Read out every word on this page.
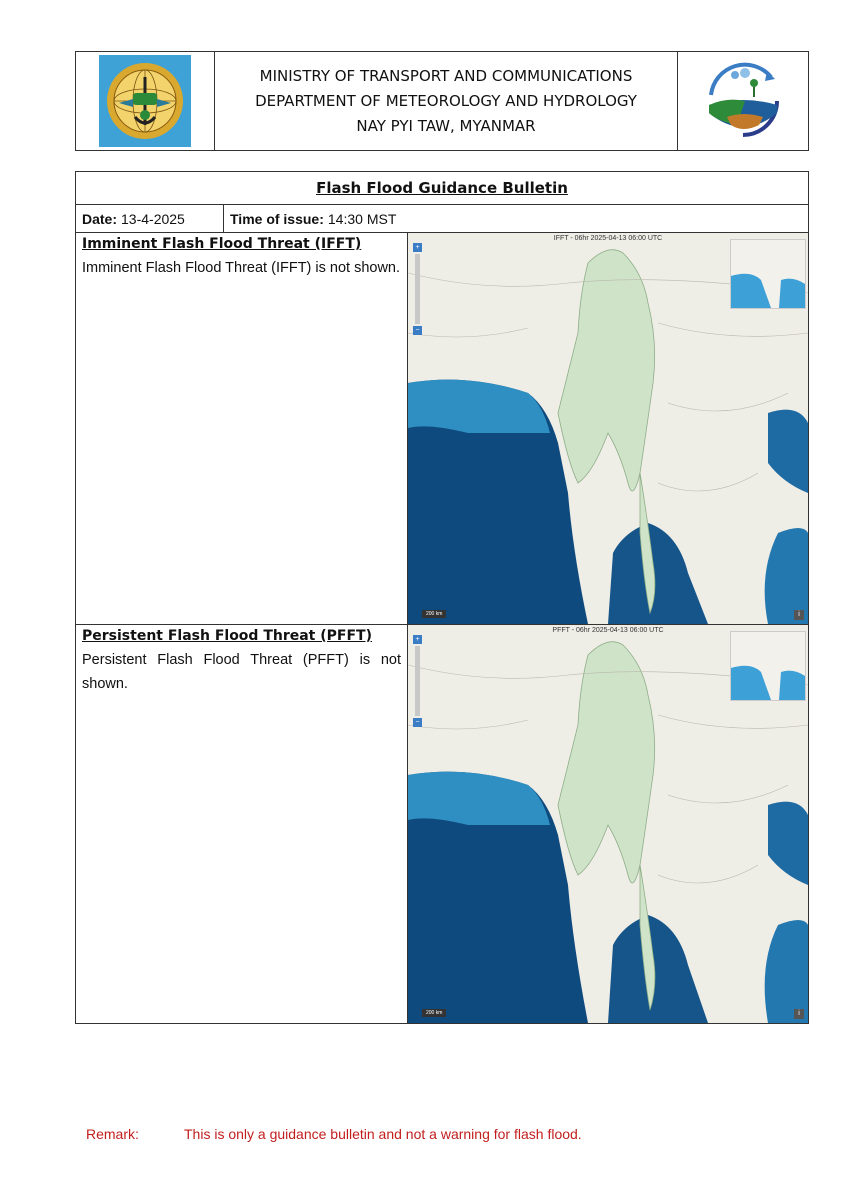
MINISTRY OF TRANSPORT AND COMMUNICATIONS
DEPARTMENT OF METEOROLOGY AND HYDROLOGY
NAY PYI TAW, MYANMAR
Flash Flood Guidance Bulletin
Date: 13-4-2025	Time of issue: 14:30 MST
Imminent Flash Flood Threat (IFFT)
Imminent Flash Flood Threat (IFFT) is not shown.
IFFT - 06hr 2025-04-13 06:00 UTC
+
−
200 km	i
Persistent Flash Flood Threat (PFFT)
Persistent Flash Flood Threat (PFFT) is not shown.
PFFT - 06hr 2025-04-13 06:00 UTC
+
−
200 km	i
Remark:	This is only a guidance bulletin and not a warning for flash flood.
